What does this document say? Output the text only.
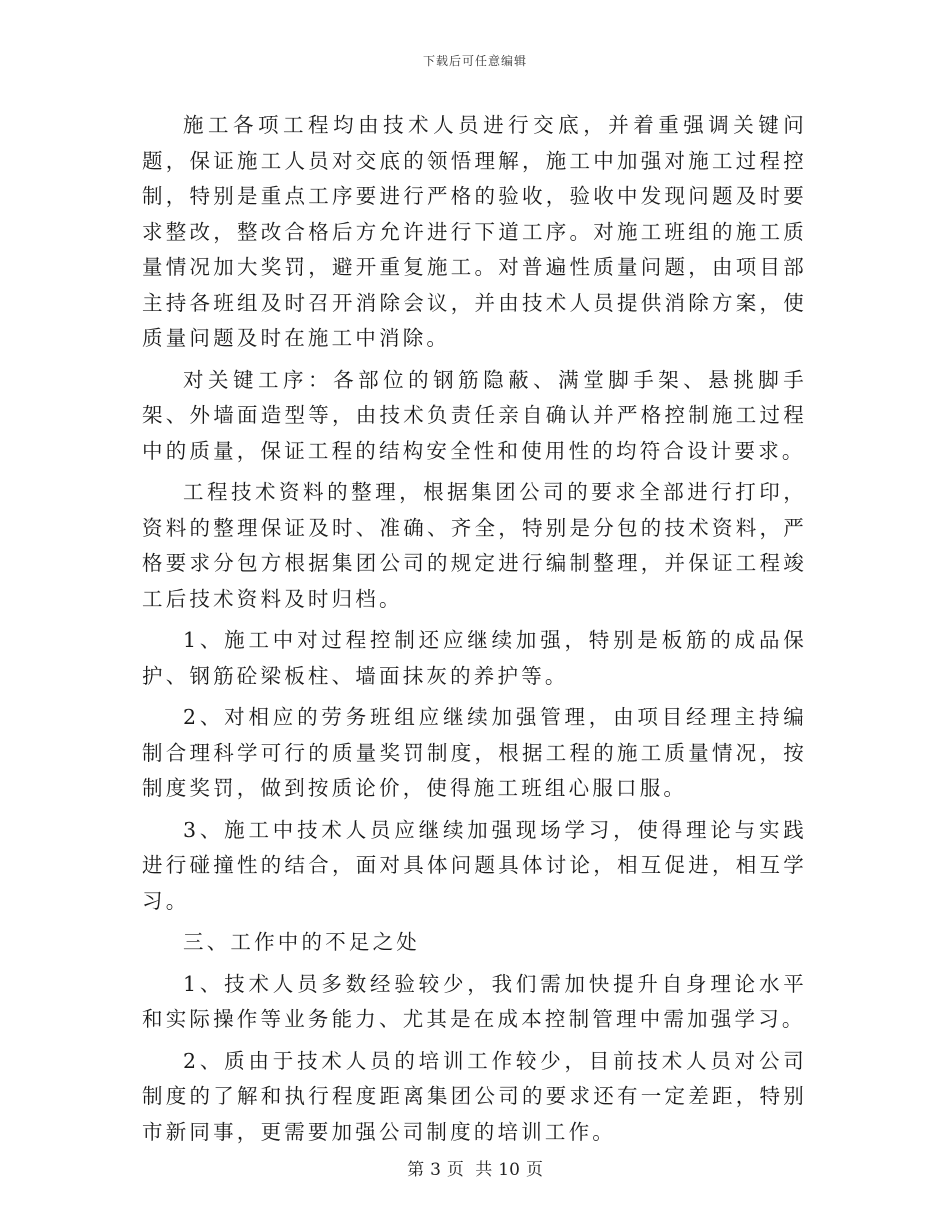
下载后可任意编辑

施工各项工程均由技术人员进行交底，并着重强调关键问题，保证施工人员对交底的领悟理解，施工中加强对施工过程控制，特别是重点工序要进行严格的验收，验收中发现问题及时要求整改，整改合格后方允许进行下道工序。对施工班组的施工质量情况加大奖罚，避开重复施工。对普遍性质量问题，由项目部主持各班组及时召开消除会议，并由技术人员提供消除方案，使质量问题及时在施工中消除。

对关键工序：各部位的钢筋隐蔽、满堂脚手架、悬挑脚手架、外墙面造型等，由技术负责任亲自确认并严格控制施工过程中的质量，保证工程的结构安全性和使用性的均符合设计要求。

工程技术资料的整理，根据集团公司的要求全部进行打印，资料的整理保证及时、准确、齐全，特别是分包的技术资料，严格要求分包方根据集团公司的规定进行编制整理，并保证工程竣工后技术资料及时归档。

1、施工中对过程控制还应继续加强，特别是板筋的成品保护、钢筋砼梁板柱、墙面抹灰的养护等。

2、对相应的劳务班组应继续加强管理，由项目经理主持编制合理科学可行的质量奖罚制度，根据工程的施工质量情况，按制度奖罚，做到按质论价，使得施工班组心服口服。

3、施工中技术人员应继续加强现场学习，使得理论与实践进行碰撞性的结合，面对具体问题具体讨论，相互促进，相互学习。

三、工作中的不足之处

1、技术人员多数经验较少，我们需加快提升自身理论水平和实际操作等业务能力、尤其是在成本控制管理中需加强学习。

2、质由于技术人员的培训工作较少，目前技术人员对公司制度的了解和执行程度距离集团公司的要求还有一定差距，特别市新同事，更需要加强公司制度的培训工作。

第 3 页 共 10 页
